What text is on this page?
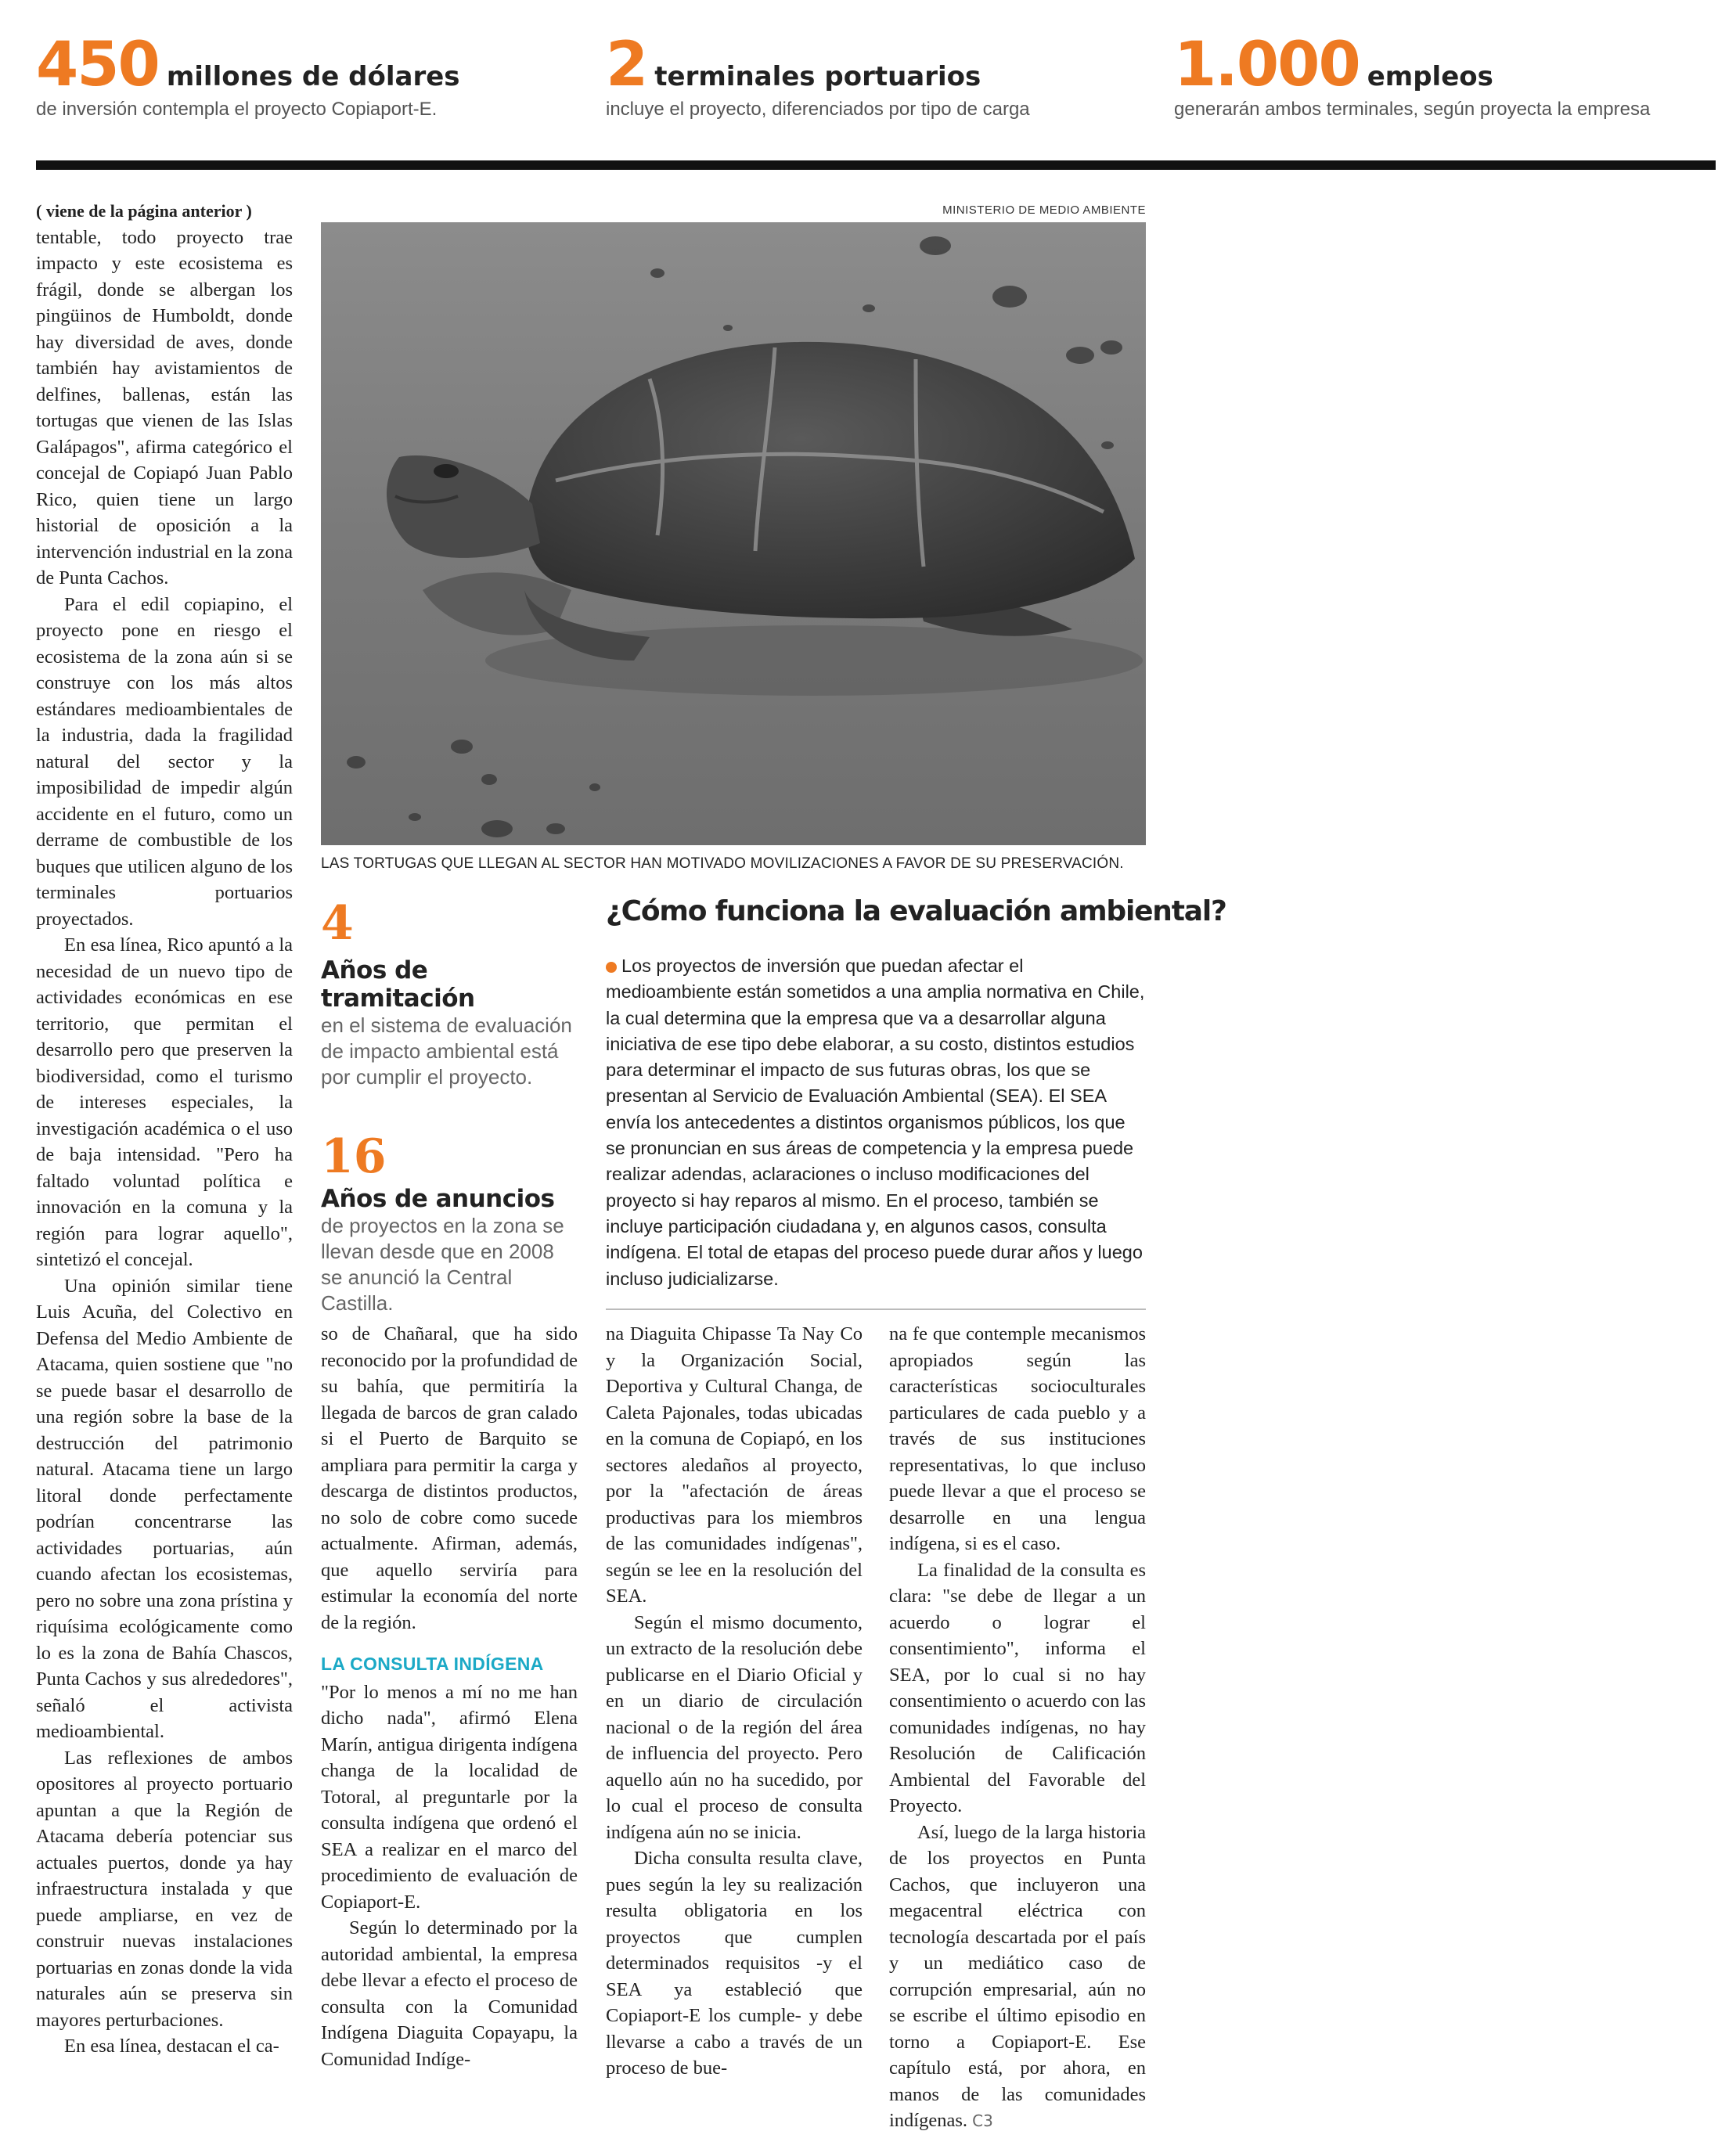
450 millones de dólares
de inversión contempla el proyecto Copiaport-E.
2 terminales portuarios
incluye el proyecto, diferenciados por tipo de carga
1.000 empleos
generarán ambos terminales, según proyecta la empresa
( viene de la página anterior )

tentable, todo proyecto trae impacto y este ecosistema es frágil, donde se albergan los pingüinos de Humboldt, donde hay diversidad de aves, donde también hay avistamientos de delfines, ballenas, están las tortugas que vienen de las Islas Galápagos", afirma categórico el concejal de Copiapó Juan Pablo Rico, quien tiene un largo historial de oposición a la intervención industrial en la zona de Punta Cachos.

Para el edil copiapino, el proyecto pone en riesgo el ecosistema de la zona aún si se construye con los más altos estándares medioambientales de la industria, dada la fragilidad natural del sector y la imposibilidad de impedir algún accidente en el futuro, como un derrame de combustible de los buques que utilicen alguno de los terminales portuarios proyectados.

En esa línea, Rico apuntó a la necesidad de un nuevo tipo de actividades económicas en ese territorio, que permitan el desarrollo pero que preserven la biodiversidad, como el turismo de intereses especiales, la investigación académica o el uso de baja intensidad. "Pero ha faltado voluntad política e innovación en la comuna y la región para lograr aquello", sintetizó el concejal.

Una opinión similar tiene Luis Acuña, del Colectivo en Defensa del Medio Ambiente de Atacama, quien sostiene que "no se puede basar el desarrollo de una región sobre la base de la destrucción del patrimonio natural. Atacama tiene un largo litoral donde perfectamente podrían concentrarse las actividades portuarias, aún cuando afectan los ecosistemas, pero no sobre una zona prístina y riquísima ecológicamente como lo es la zona de Bahía Chascos, Punta Cachos y sus alrededores", señaló el activista medioambiental.

Las reflexiones de ambos opositores al proyecto portuario apuntan a que la Región de Atacama debería potenciar sus actuales puertos, donde ya hay infraestructura instalada y que puede ampliarse, en vez de construir nuevas instalaciones portuarias en zonas donde la vida naturales aún se preserva sin mayores perturbaciones.

En esa línea, destacan el ca-

MINISTERIO DE MEDIO AMBIENTE
LAS TORTUGAS QUE LLEGAN AL SECTOR HAN MOTIVADO MOVILIZACIONES A FAVOR DE SU PRESERVACIÓN.
4
Años de tramitación
en el sistema de evaluación de impacto ambiental está por cumplir el proyecto.
16
Años de anuncios de proyectos en la zona se llevan desde que en 2008 se anunció la Central Castilla.
¿Cómo funciona la evaluación ambiental?
Los proyectos de inversión que puedan afectar el medioambiente están sometidos a una amplia normativa en Chile, la cual determina que la empresa que va a desarrollar alguna iniciativa de ese tipo debe elaborar, a su costo, distintos estudios para determinar el impacto de sus futuras obras, los que se presentan al Servicio de Evaluación Ambiental (SEA). El SEA envía los antecedentes a distintos organismos públicos, los que se pronuncian en sus áreas de competencia y la empresa puede realizar adendas, aclaraciones o incluso modificaciones del proyecto si hay reparos al mismo. En el proceso, también se incluye participación ciudadana y, en algunos casos, consulta indígena. El total de etapas del proceso puede durar años y luego incluso judicializarse.

so de Chañaral, que ha sido reconocido por la profundidad de su bahía, que permitiría la llegada de barcos de gran calado si el Puerto de Barquito se ampliara para permitir la carga y descarga de distintos productos, no solo de cobre como sucede actualmente. Afirman, además, que aquello serviría para estimular la economía del norte de la región.

LA CONSULTA INDÍGENA

"Por lo menos a mí no me han dicho nada", afirmó Elena Marín, antigua dirigenta indígena changa de la localidad de Totoral, al preguntarle por la consulta indígena que ordenó el SEA a realizar en el marco del procedimiento de evaluación de Copiaport-E.

Según lo determinado por la autoridad ambiental, la empresa debe llevar a efecto el proceso de consulta con la Comunidad Indígena Diaguita Copayapu, la Comunidad Indíge-

na Diaguita Chipasse Ta Nay Co y la Organización Social, Deportiva y Cultural Changa, de Caleta Pajonales, todas ubicadas en la comuna de Copiapó, en los sectores aledaños al proyecto, por la "afectación de áreas productivas para los miembros de las comunidades indígenas", según se lee en la resolución del SEA.

Según el mismo documento, un extracto de la resolución debe publicarse en el Diario Oficial y en un diario de circulación nacional o de la región del área de influencia del proyecto. Pero aquello aún no ha sucedido, por lo cual el proceso de consulta indígena aún no se inicia.

Dicha consulta resulta clave, pues según la ley su realización resulta obligatoria en los proyectos que cumplen determinados requisitos -y el SEA ya estableció que Copiaport-E los cumple- y debe llevarse a cabo a través de un proceso de bue-

na fe que contemple mecanismos apropiados según las características socioculturales particulares de cada pueblo y a través de sus instituciones representativas, lo que incluso puede llevar a que el proceso se desarrolle en una lengua indígena, si es el caso.

La finalidad de la consulta es clara: "se debe de llegar a un acuerdo o lograr el consentimiento", informa el SEA, por lo cual si no hay consentimiento o acuerdo con las comunidades indígenas, no hay Resolución de Calificación Ambiental del Favorable del Proyecto.

Así, luego de la larga historia de los proyectos en Punta Cachos, que incluyeron una megacentral eléctrica con tecnología descartada por el país y un mediático caso de corrupción empresarial, aún no se escribe el último episodio en torno a Copiaport-E. Ese capítulo está, por ahora, en manos de las comunidades indígenas. C3
